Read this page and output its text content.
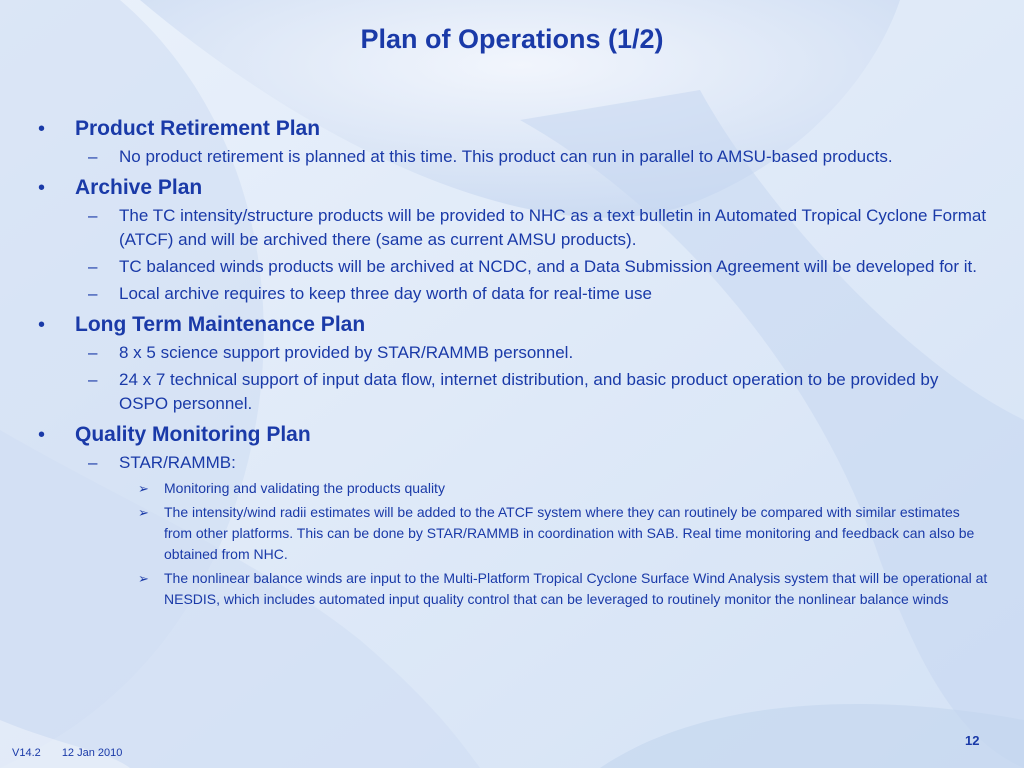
Plan of Operations (1/2)
• Product Retirement Plan
– No product retirement is planned at this time. This product can run in parallel to AMSU-based products.
• Archive Plan
– The TC intensity/structure products will be provided to NHC as a text bulletin in Automated Tropical Cyclone Format (ATCF) and will be archived there (same as current AMSU products).
– TC balanced winds products will be archived at NCDC, and a Data Submission Agreement will be developed for it.
– Local archive requires to keep three day worth of data for real-time use
• Long Term Maintenance Plan
– 8 x 5 science support provided by STAR/RAMMB personnel.
– 24 x 7 technical support of input data flow, internet distribution, and basic product operation to be provided by OSPO personnel.
• Quality Monitoring Plan
– STAR/RAMMB:
➢ Monitoring and validating the products quality
➢ The intensity/wind radii estimates will be added to the ATCF system where they can routinely be compared with similar estimates from other platforms. This can be done by STAR/RAMMB in coordination with SAB. Real time monitoring and feedback can also be obtained from NHC.
➢ The nonlinear balance winds are input to the Multi-Platform Tropical Cyclone Surface Wind Analysis system that will be operational at NESDIS, which includes automated input quality control that can be leveraged to routinely monitor the nonlinear balance winds
V14.2 12 Jan 2010
12
